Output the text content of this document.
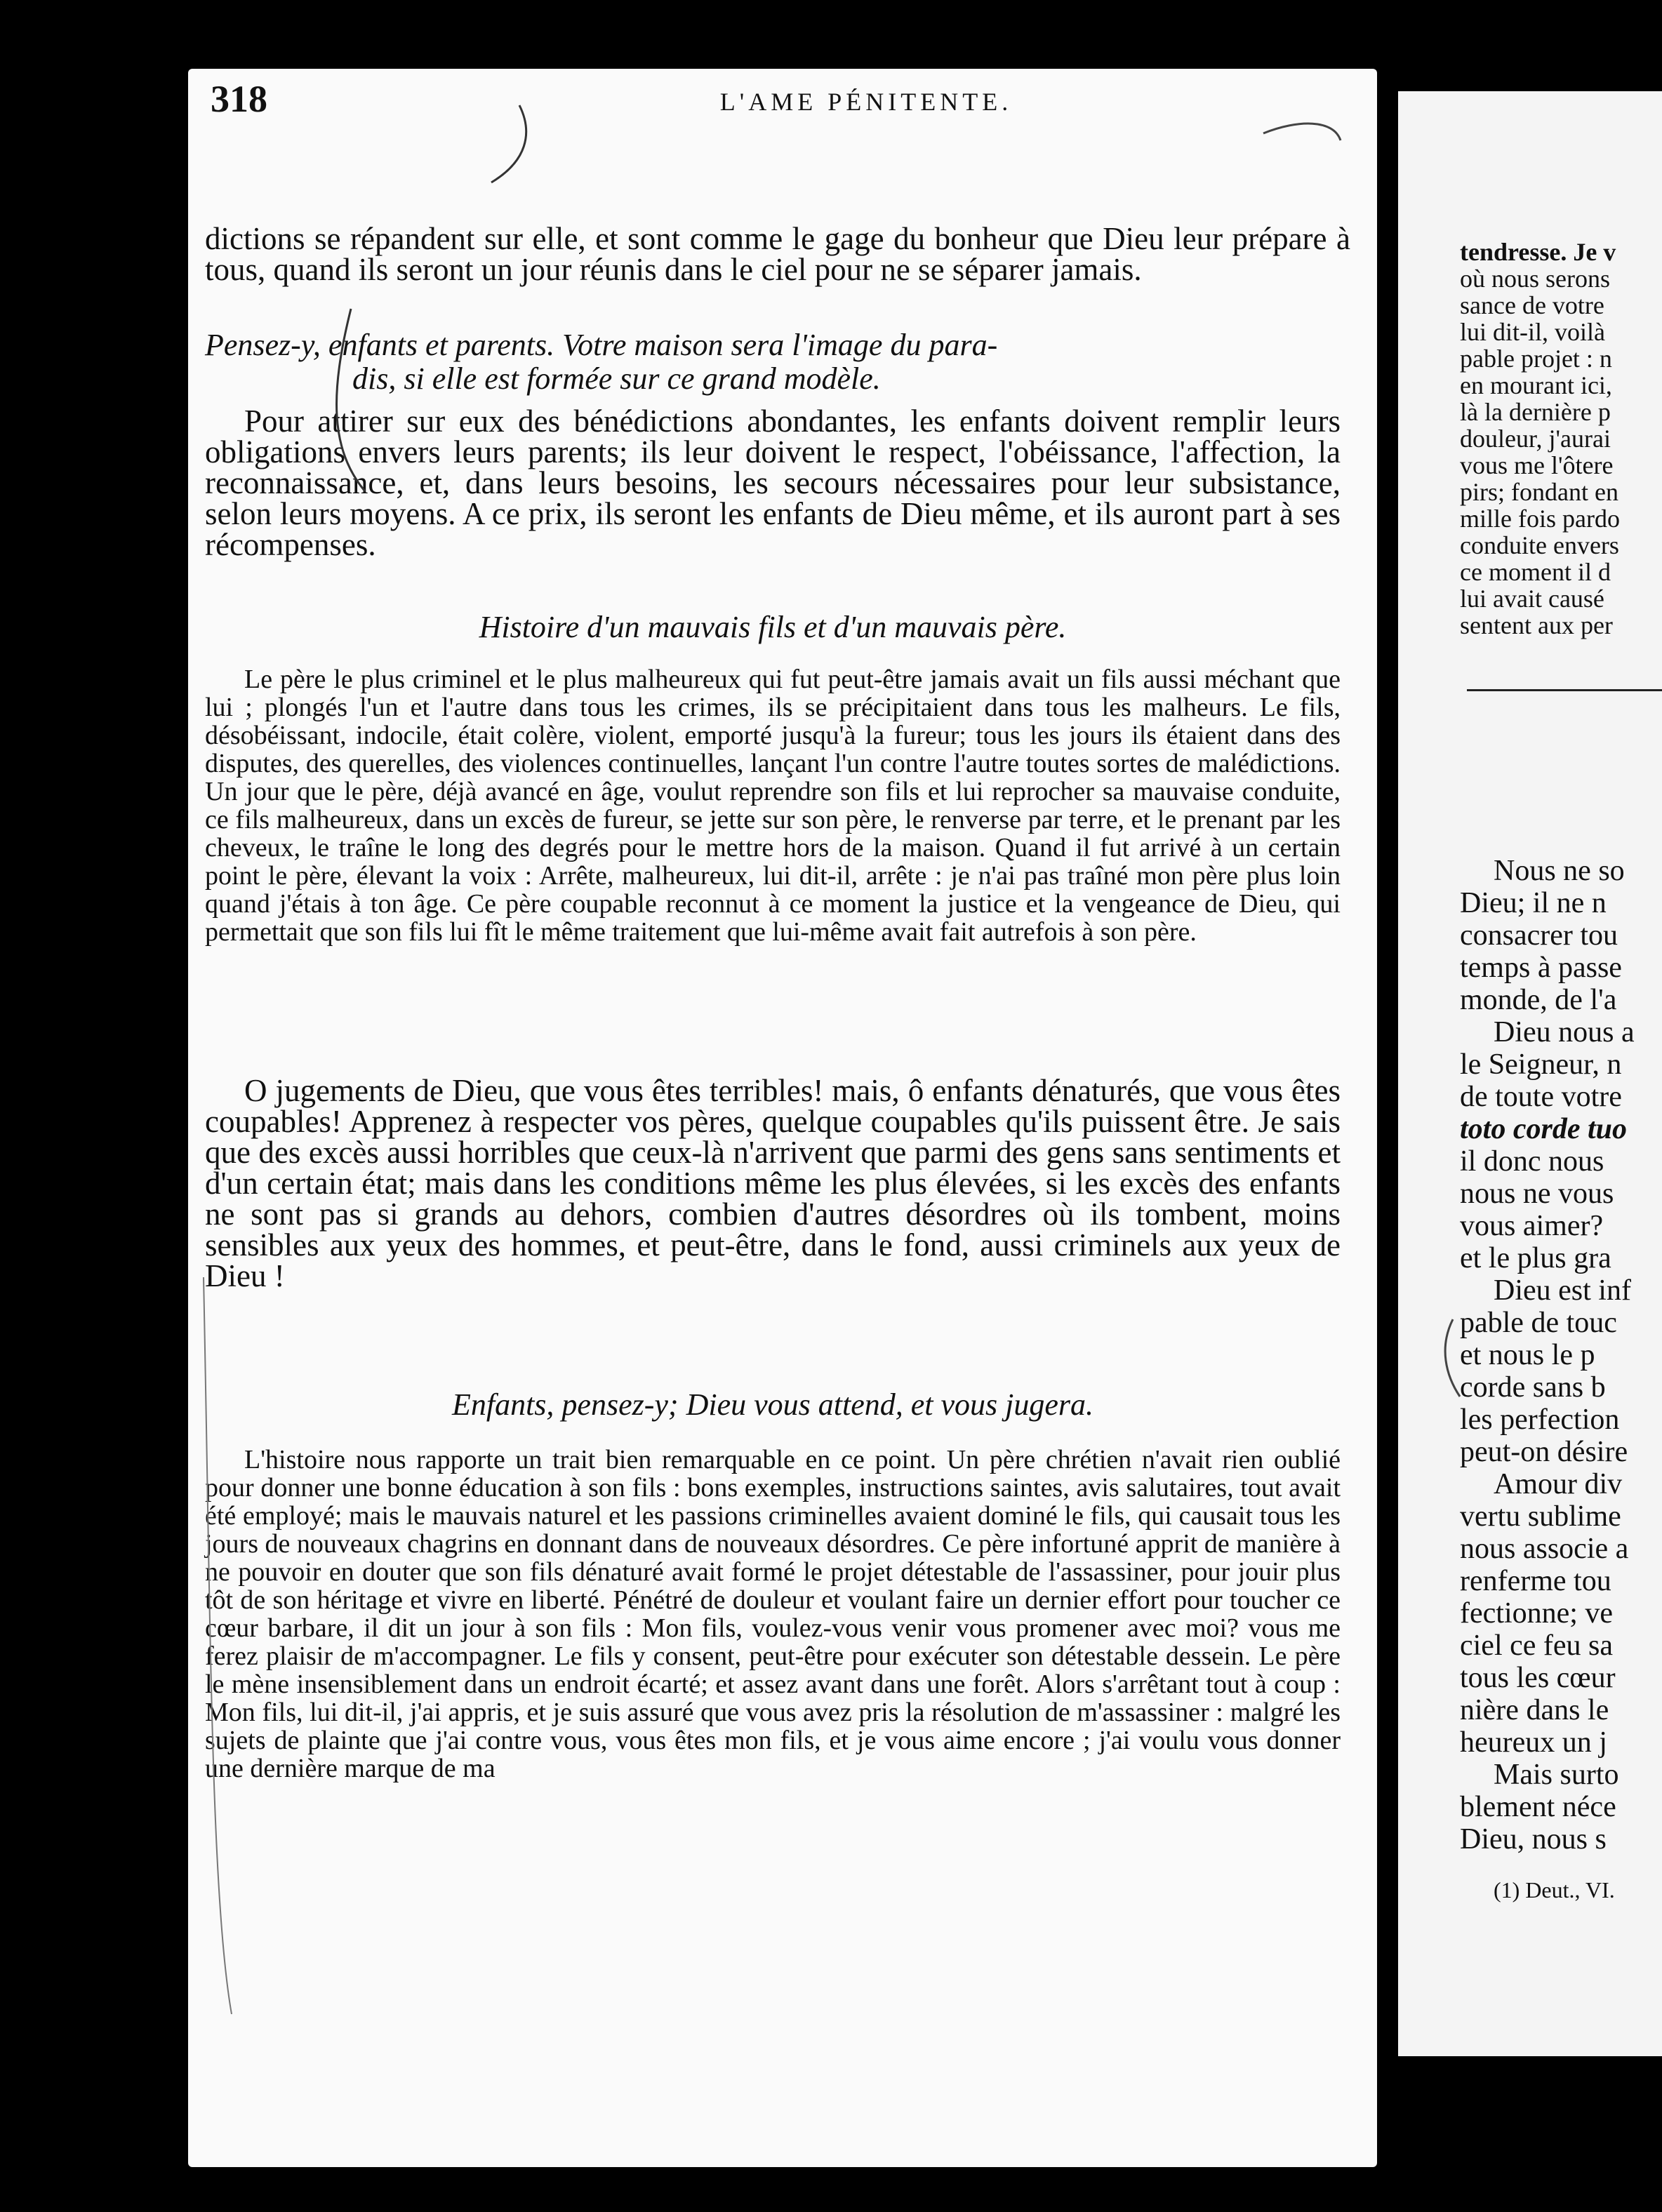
318	L'AME PÉNITENTE.

dictions se répandent sur elle, et sont comme le gage du bonheur que Dieu leur prépare à tous, quand ils seront un jour réunis dans le ciel pour ne se séparer jamais.

Pensez-y, enfants et parents. Votre maison sera l'image du para-
dis, si elle est formée sur ce grand modèle.

Pour attirer sur eux des bénédictions abondantes, les enfants doivent remplir leurs obligations envers leurs parents; ils leur doivent le respect, l'obéissance, l'affection, la reconnaissance, et, dans leurs besoins, les secours nécessaires pour leur subsistance, selon leurs moyens. A ce prix, ils seront les enfants de Dieu même, et ils auront part à ses récompenses.

Histoire d'un mauvais fils et d'un mauvais père.

Le père le plus criminel et le plus malheureux qui fut peut-être jamais avait un fils aussi méchant que lui ; plongés l'un et l'autre dans tous les crimes, ils se précipitaient dans tous les malheurs. Le fils, désobéissant, indocile, était colère, violent, emporté jusqu'à la fureur; tous les jours ils étaient dans des disputes, des querelles, des violences continuelles, lançant l'un contre l'autre toutes sortes de malédictions. Un jour que le père, déjà avancé en âge, voulut reprendre son fils et lui reprocher sa mauvaise conduite, ce fils malheureux, dans un excès de fureur, se jette sur son père, le renverse par terre, et le prenant par les cheveux, le traîne le long des degrés pour le mettre hors de la maison. Quand il fut arrivé à un certain point le père, élevant la voix : Arrête, malheureux, lui dit-il, arrête : je n'ai pas traîné mon père plus loin quand j'étais à ton âge. Ce père coupable reconnut à ce moment la justice et la vengeance de Dieu, qui permettait que son fils lui fît le même traitement que lui-même avait fait autrefois à son père.

O jugements de Dieu, que vous êtes terribles! mais, ô enfants dénaturés, que vous êtes coupables! Apprenez à respecter vos pères, quelque coupables qu'ils puissent être. Je sais que des excès aussi horribles que ceux-là n'arrivent que parmi des gens sans sentiments et d'un certain état; mais dans les conditions même les plus élevées, si les excès des enfants ne sont pas si grands au dehors, combien d'autres désordres où ils tombent, moins sensibles aux yeux des hommes, et peut-être, dans le fond, aussi criminels aux yeux de Dieu !

Enfants, pensez-y; Dieu vous attend, et vous jugera.

L'histoire nous rapporte un trait bien remarquable en ce point. Un père chrétien n'avait rien oublié pour donner une bonne éducation à son fils : bons exemples, instructions saintes, avis salutaires, tout avait été employé; mais le mauvais naturel et les passions criminelles avaient dominé le fils, qui causait tous les jours de nouveaux chagrins en donnant dans de nouveaux désordres. Ce père infortuné apprit de manière à ne pouvoir en douter que son fils dénaturé avait formé le projet détestable de l'assassiner, pour jouir plus tôt de son héritage et vivre en liberté. Pénétré de douleur et voulant faire un dernier effort pour toucher ce cœur barbare, il dit un jour à son fils : Mon fils, voulez-vous venir vous promener avec moi? vous me ferez plaisir de m'accompagner. Le fils y consent, peut-être pour exécuter son détestable dessein. Le père le mène insensiblement dans un endroit écarté; et assez avant dans une forêt. Alors s'arrêtant tout à coup : Mon fils, lui dit-il, j'ai appris, et je suis assuré que vous avez pris la résolution de m'assassiner : malgré les sujets de plainte que j'ai contre vous, vous êtes mon fils, et je vous aime encore ; j'ai voulu vous donner une dernière marque de ma

tendresse. Je v
où nous serons
sance de votre
lui dit-il, voilà
pable projet : n
en mourant ici,
là la dernière p
douleur, j'aurai
vous me l'ôtere
pirs; fondant en
mille fois pardo
conduite envers
ce moment il d
lui avait causé
sentent aux per
Nous ne so
Dieu; il ne n
consacrer tou
temps à passe
monde, de l'a
Dieu nous a
le Seigneur, n
de toute votre
toto corde tuo
il donc nous
nous ne vous
vous aimer?
et le plus gra
Dieu est inf
pable de touc
et nous le p
corde sans b
les perfection
peut-on désire
Amour div
vertu sublime
nous associe a
renferme tou
fectionne; ve
ciel ce feu sa
tous les cœur
nière dans le
heureux un j
Mais surto
blement néce
Dieu, nous s
(1) Deut., VI.
